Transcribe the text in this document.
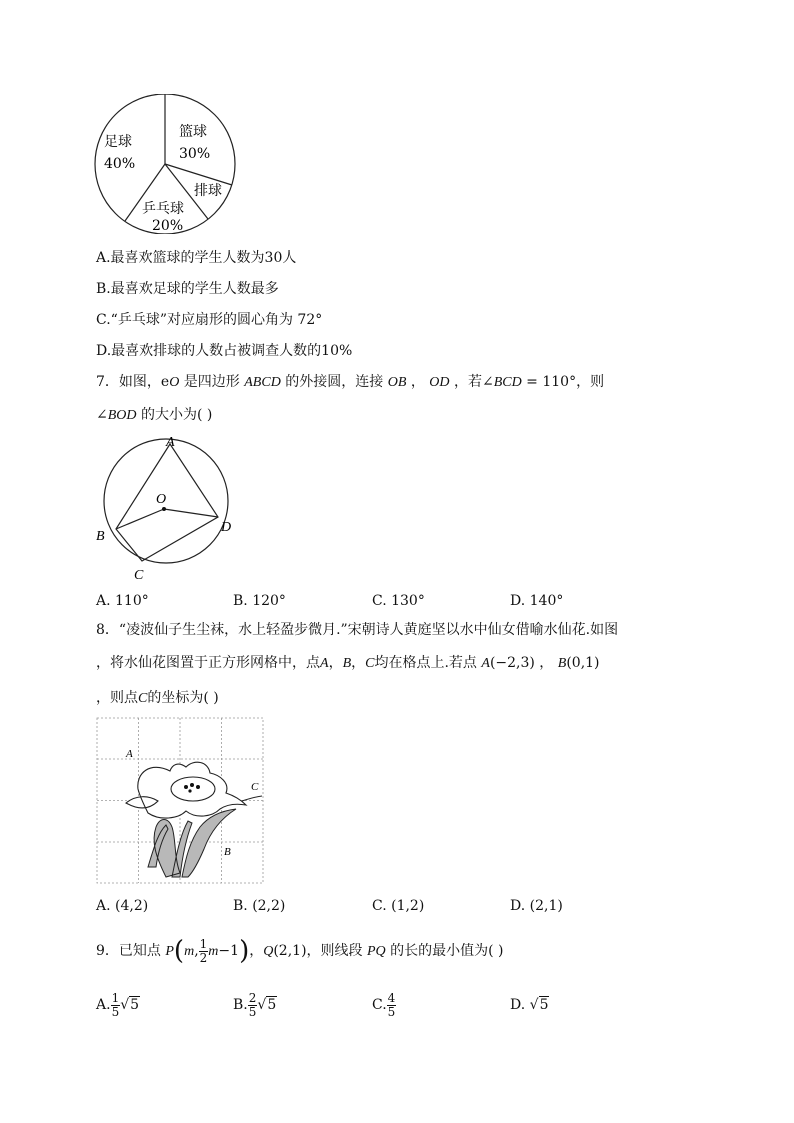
足球
40%
篮球
30%
排球
乒乓球
20%
A.最喜欢篮球的学生人数为30人
B.最喜欢足球的学生人数最多
C.“乒乓球”对应扇形的圆心角为 72°
D.最喜欢排球的人数占被调查人数的10%
7．如图，eO 是四边形 ABCD 的外接圆，连接 OB ， OD ，若∠BCD = 110°，则
∠BOD 的大小为( )
A
O
B
D
C
A. 110°	B. 120°	C. 130°	D. 140°
8．“凌波仙子生尘袜，水上轻盈步微月.”宋朝诗人黄庭坚以水中仙女借喻水仙花.如图
，将水仙花图置于正方形网格中，点A，B，C均在格点上.若点 A(−2,3) ， B(0,1)
，则点C的坐标为( )
A
C
B
A. (4,2)	B. (2,2)	C. (1,2)	D. (2,1)
9．已知点 P(m, $\frac{1}{2} m-1$)，Q(2,1)，则线段 PQ 的长的最小值为( )
A. $\frac{1}{5} √5$	B. $\frac{2}{5} √5$	C. $\frac{4}{5}$	D. √5
